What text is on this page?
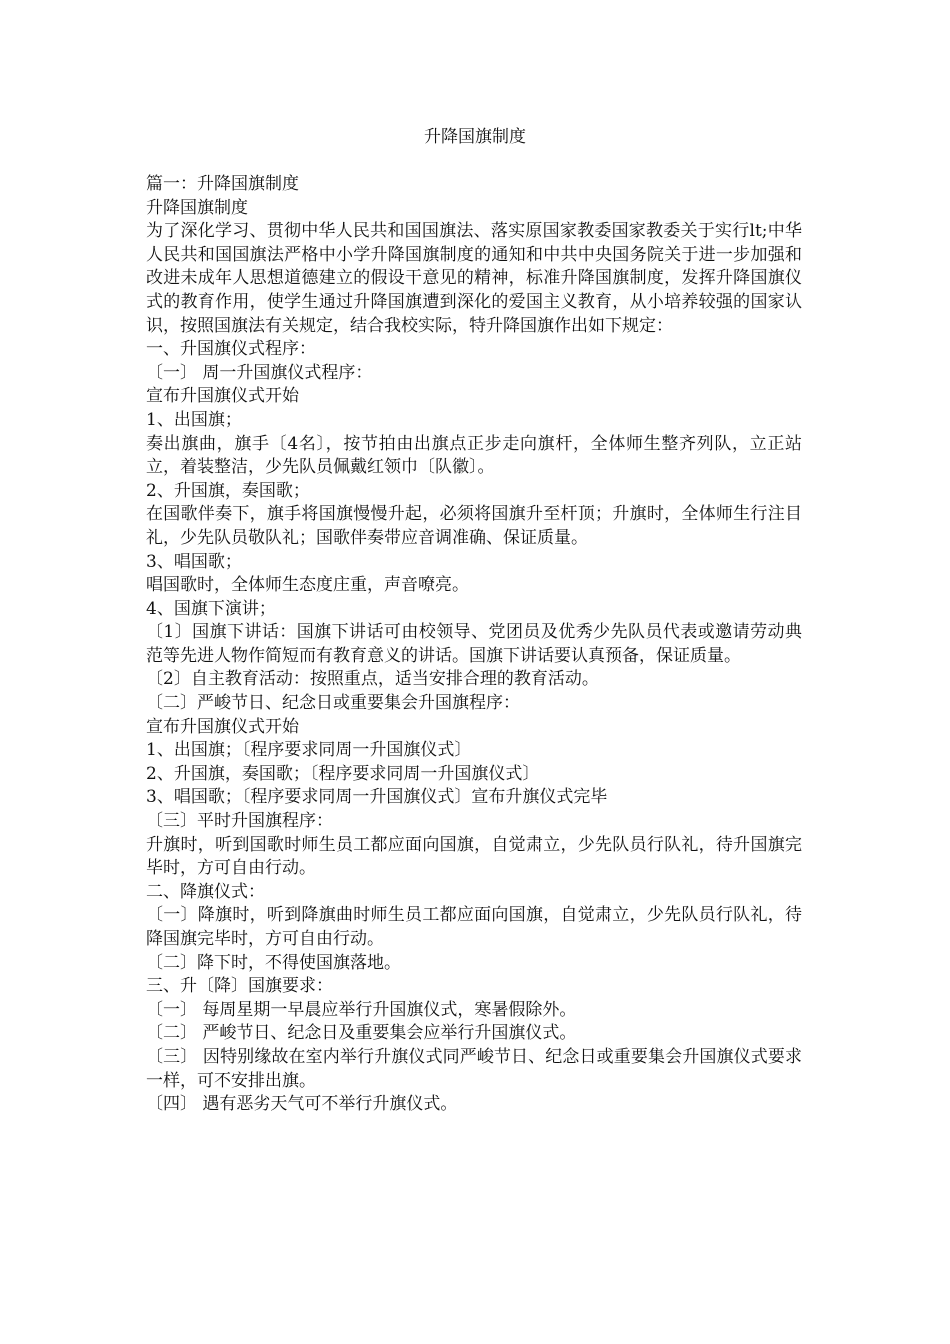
升降国旗制度

篇一：升降国旗制度

升降国旗制度

为了深化学习、贯彻中华人民共和国国旗法、落实原国家教委国家教委关于实行lt;中华人民共和国国旗法严格中小学升降国旗制度的通知和中共中央国务院关于进一步加强和改进未成年人思想道德建立的假设干意见的精神，标准升降国旗制度，发挥升降国旗仪式的教育作用，使学生通过升降国旗遭到深化的爱国主义教育，从小培养较强的国家认识，按照国旗法有关规定，结合我校实际，特升降国旗作出如下规定：

一、升国旗仪式程序：

〔一〕 周一升国旗仪式程序：

宣布升国旗仪式开始

1、出国旗；

奏出旗曲，旗手〔4名〕，按节拍由出旗点正步走向旗杆，全体师生整齐列队，立正站立，着装整洁，少先队员佩戴红领巾〔队徽〕。

2、升国旗，奏国歌；

在国歌伴奏下，旗手将国旗慢慢升起，必须将国旗升至杆顶；升旗时，全体师生行注目礼，少先队员敬队礼；国歌伴奏带应音调准确、保证质量。

3、唱国歌；

唱国歌时，全体师生态度庄重，声音嘹亮。

4、国旗下演讲；

〔1〕国旗下讲话：国旗下讲话可由校领导、党团员及优秀少先队员代表或邀请劳动典范等先进人物作简短而有教育意义的讲话。国旗下讲话要认真预备，保证质量。

〔2〕自主教育活动：按照重点，适当安排合理的教育活动。

〔二〕严峻节日、纪念日或重要集会升国旗程序：

宣布升国旗仪式开始

1、出国旗；〔程序要求同周一升国旗仪式〕

2、升国旗，奏国歌；〔程序要求同周一升国旗仪式〕

3、唱国歌；〔程序要求同周一升国旗仪式〕宣布升旗仪式完毕

〔三〕平时升国旗程序：

升旗时，听到国歌时师生员工都应面向国旗，自觉肃立，少先队员行队礼，待升国旗完毕时，方可自由行动。

二、降旗仪式：

〔一〕降旗时，听到降旗曲时师生员工都应面向国旗，自觉肃立，少先队员行队礼，待降国旗完毕时，方可自由行动。

〔二〕降下时，不得使国旗落地。

三、升〔降〕国旗要求：

〔一〕 每周星期一早晨应举行升国旗仪式，寒暑假除外。

〔二〕 严峻节日、纪念日及重要集会应举行升国旗仪式。

〔三〕 因特别缘故在室内举行升旗仪式同严峻节日、纪念日或重要集会升国旗仪式要求一样，可不安排出旗。

〔四〕 遇有恶劣天气可不举行升旗仪式。
